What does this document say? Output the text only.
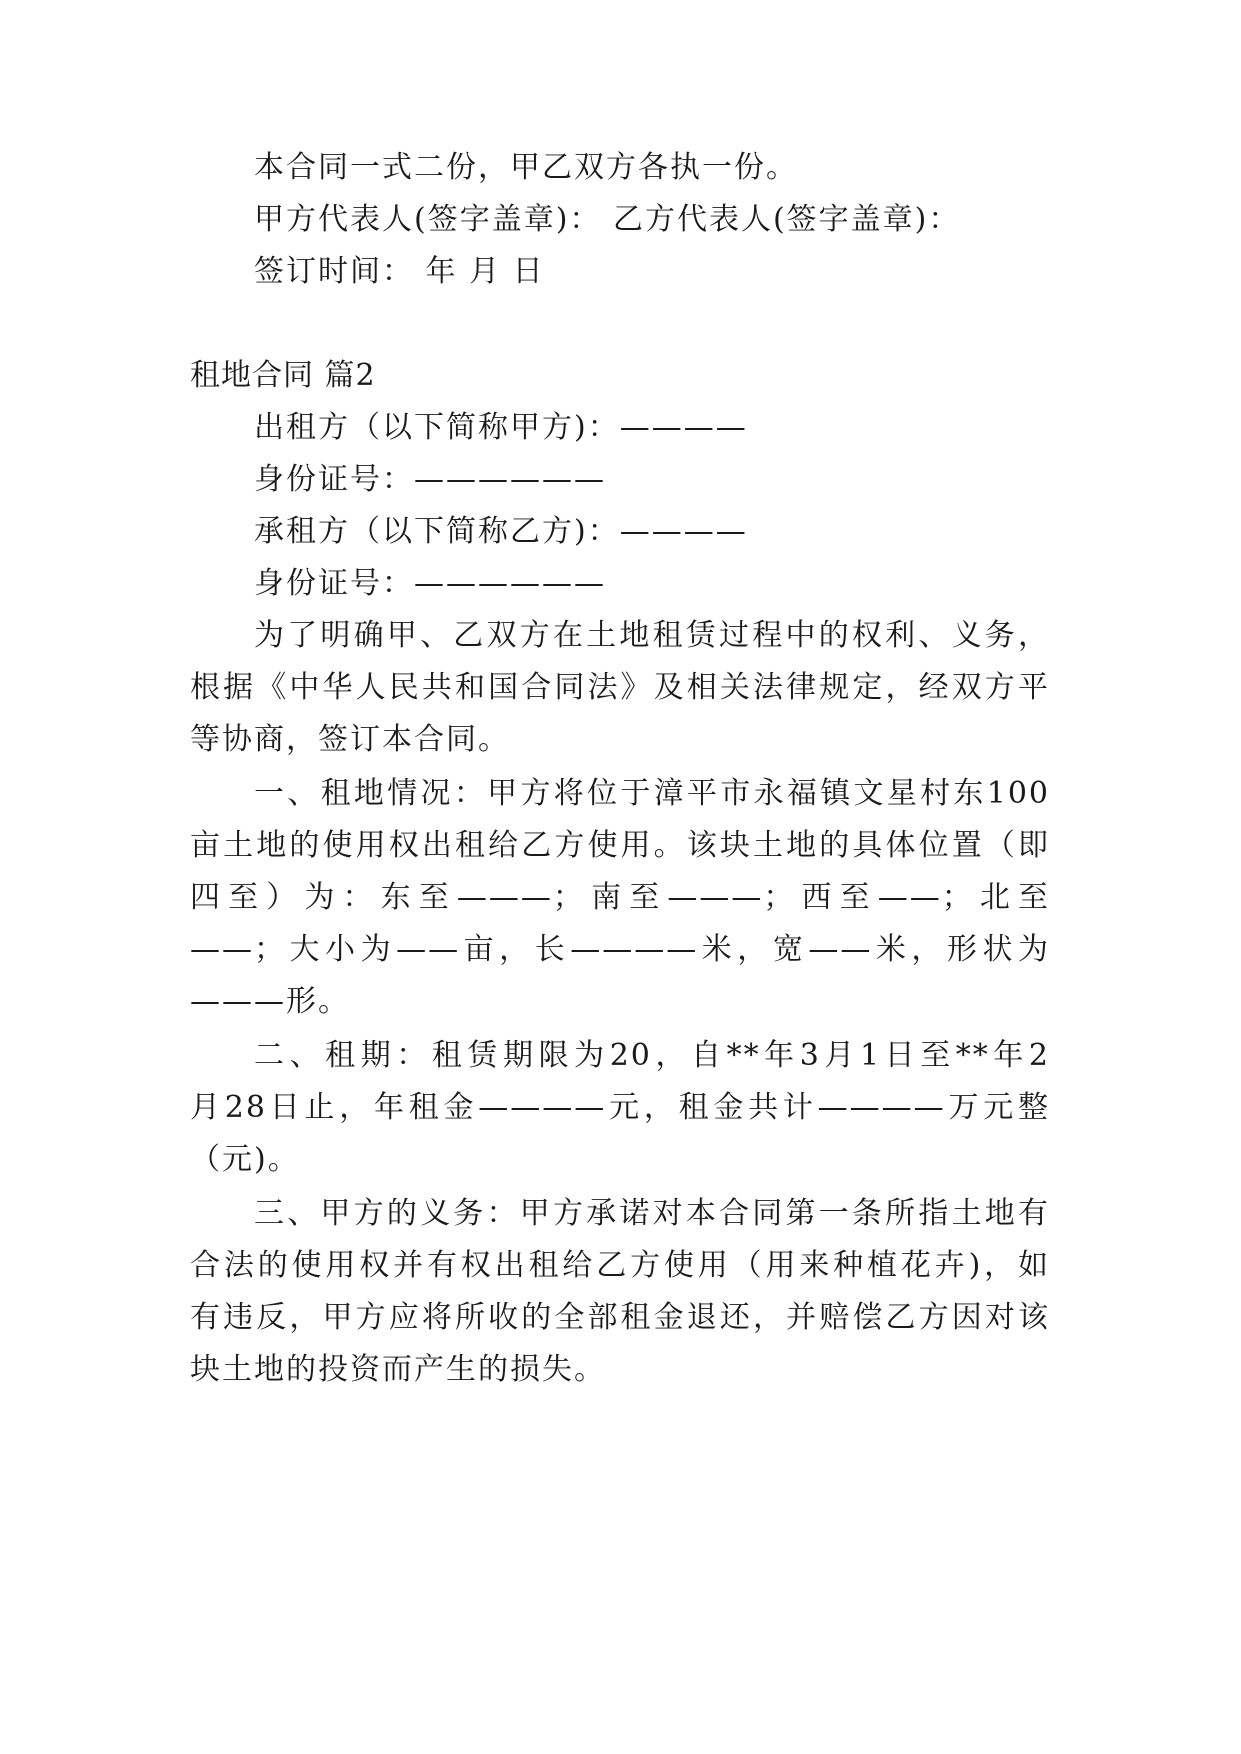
本合同一式二份，甲乙双方各执一份。
甲方代表人(签字盖章)： 乙方代表人(签字盖章)：
签订时间： 年 月 日
租地合同 篇2
出租方（以下简称甲方)：————
身份证号：——————
承租方（以下简称乙方)：————
身份证号：——————
为了明确甲、乙双方在土地租赁过程中的权利、义务，
根据《中华人民共和国合同法》及相关法律规定，经双方平
等协商，签订本合同。
一、租地情况：甲方将位于漳平市永福镇文星村东100
亩土地的使用权出租给乙方使用。该块土地的具体位置（即
四至）为：东至———；南至———；西至——；北至
——；大小为——亩，长————米，宽——米，形状为
———形。
二、租期：租赁期限为20，自**年3月1日至**年2
月28日止，年租金————元，租金共计————万元整
（元)。
三、甲方的义务：甲方承诺对本合同第一条所指土地有
合法的使用权并有权出租给乙方使用（用来种植花卉)，如
有违反，甲方应将所收的全部租金退还，并赔偿乙方因对该
块土地的投资而产生的损失。
